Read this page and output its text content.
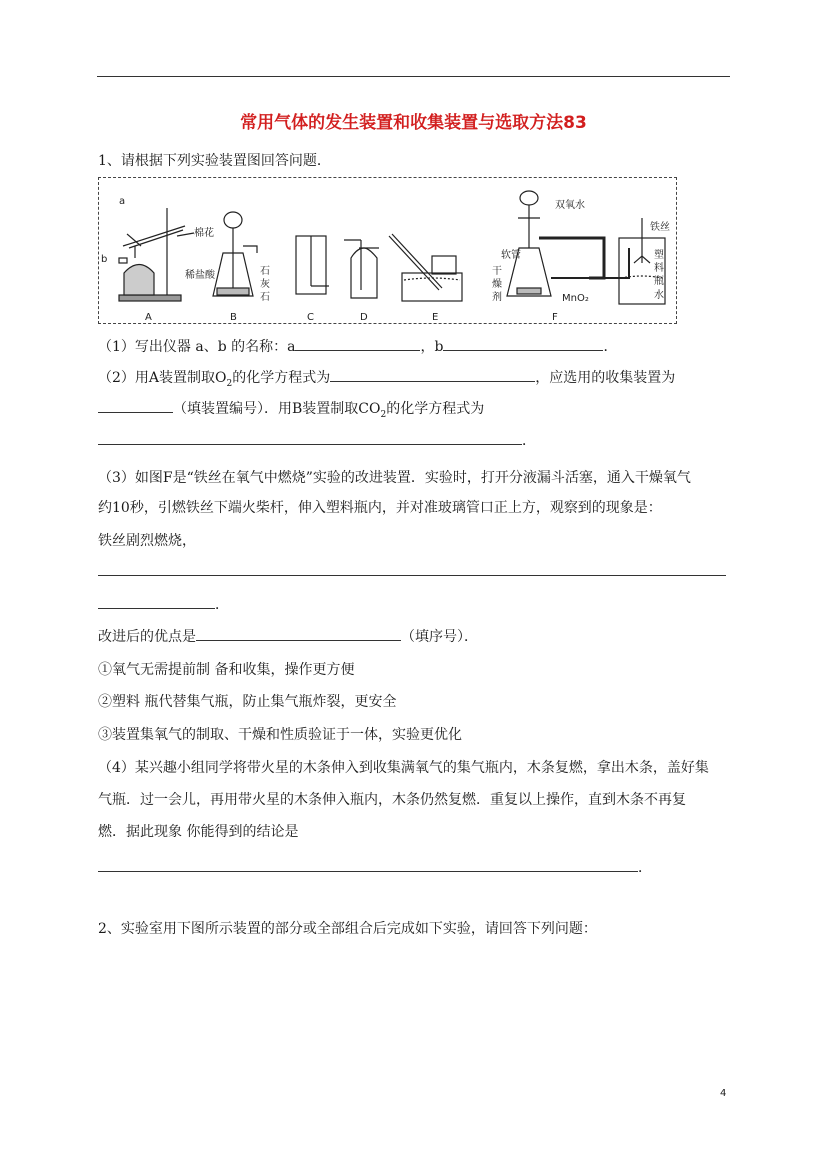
常用气体的发生装置和收集装置与选取方法83
1、请根据下列实验装置图回答问题．
a
b
棉花
稀盐酸	石
灰
石
双氧水
软管
干
燥
剂	MnO₂
铁丝
塑
料
瓶
水
A	B	C	D	E	F
（1）写出仪器 a、b 的名称：a	，b	．
（2）用A装置制取$O_2$的化学方程式为	，应选用的收集装置为
（填装置编号）．用B装置制取$CO_2$的化学方程式为
．
（3）如图F是“铁丝在氧气中燃烧”实验的改进装置．实验时，打开分液漏斗活塞，通入干燥氧气
约10秒，引燃铁丝下端火柴杆，伸入塑料瓶内，并对准玻璃管口正上方，观察到的现象是：
铁丝剧烈燃烧，
．
改进后的优点是	（填序号）．
①氧气无需提前制 备和收集，操作更方便
②塑料 瓶代替集气瓶，防止集气瓶炸裂，更安全
③装置集氧气的制取、干燥和性质验证于一体，实验更优化
（4）某兴趣小组同学将带火星的木条伸入到收集满氧气的集气瓶内，木条复燃，拿出木条，盖好集
气瓶．过一会儿，再用带火星的木条伸入瓶内，木条仍然复燃．重复以上操作，直到木条不再复
燃．据此现象 你能得到的结论是
．
2、实验室用下图所示装置的部分或全部组合后完成如下实验，请回答下列问题：
4
